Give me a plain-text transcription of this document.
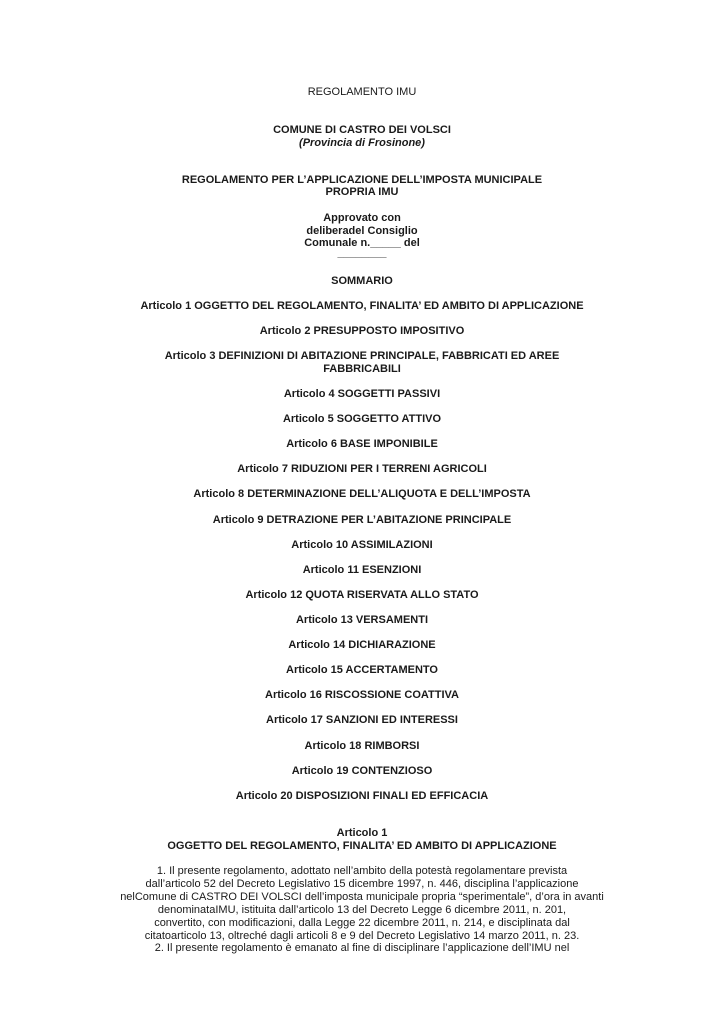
REGOLAMENTO IMU
COMUNE DI CASTRO DEI VOLSCI
(Provincia di Frosinone)
REGOLAMENTO PER L’APPLICAZIONE DELL’IMPOSTA MUNICIPALE
PROPRIA IMU
Approvato con
deliberadel Consiglio
Comunale n._____ del
________
SOMMARIO
Articolo 1 OGGETTO DEL REGOLAMENTO, FINALITA’ ED AMBITO DI APPLICAZIONE
Articolo 2 PRESUPPOSTO IMPOSITIVO
Articolo 3 DEFINIZIONI DI ABITAZIONE PRINCIPALE, FABBRICATI ED AREE
FABBRICABILI
Articolo 4 SOGGETTI PASSIVI
Articolo 5 SOGGETTO ATTIVO
Articolo 6 BASE IMPONIBILE
Articolo 7 RIDUZIONI PER I TERRENI AGRICOLI
Articolo 8 DETERMINAZIONE DELL’ALIQUOTA E DELL’IMPOSTA
Articolo 9 DETRAZIONE PER L’ABITAZIONE PRINCIPALE
Articolo 10 ASSIMILAZIONI
Articolo 11 ESENZIONI
Articolo 12 QUOTA RISERVATA ALLO STATO
Articolo 13 VERSAMENTI
Articolo 14 DICHIARAZIONE
Articolo 15 ACCERTAMENTO
Articolo 16 RISCOSSIONE COATTIVA
Articolo 17 SANZIONI ED INTERESSI
Articolo 18 RIMBORSI
Articolo 19 CONTENZIOSO
Articolo 20 DISPOSIZIONI FINALI ED EFFICACIA
Articolo 1
OGGETTO DEL REGOLAMENTO, FINALITA’ ED AMBITO DI APPLICAZIONE
1. Il presente regolamento, adottato nell’ambito della potestà regolamentare prevista
dall’articolo 52 del Decreto Legislativo 15 dicembre 1997, n. 446, disciplina l’applicazione
nelComune di CASTRO DEI VOLSCI dell’imposta municipale propria “sperimentale”, d’ora in avanti
denominataIMU, istituita dall’articolo 13 del Decreto Legge 6 dicembre 2011, n. 201,
convertito, con modificazioni, dalla Legge 22 dicembre 2011, n. 214, e disciplinata dal
citatoarticolo 13, oltreché dagli articoli 8 e 9 del Decreto Legislativo 14 marzo 2011, n. 23.
2. Il presente regolamento è emanato al fine di disciplinare l’applicazione dell’IMU nel
